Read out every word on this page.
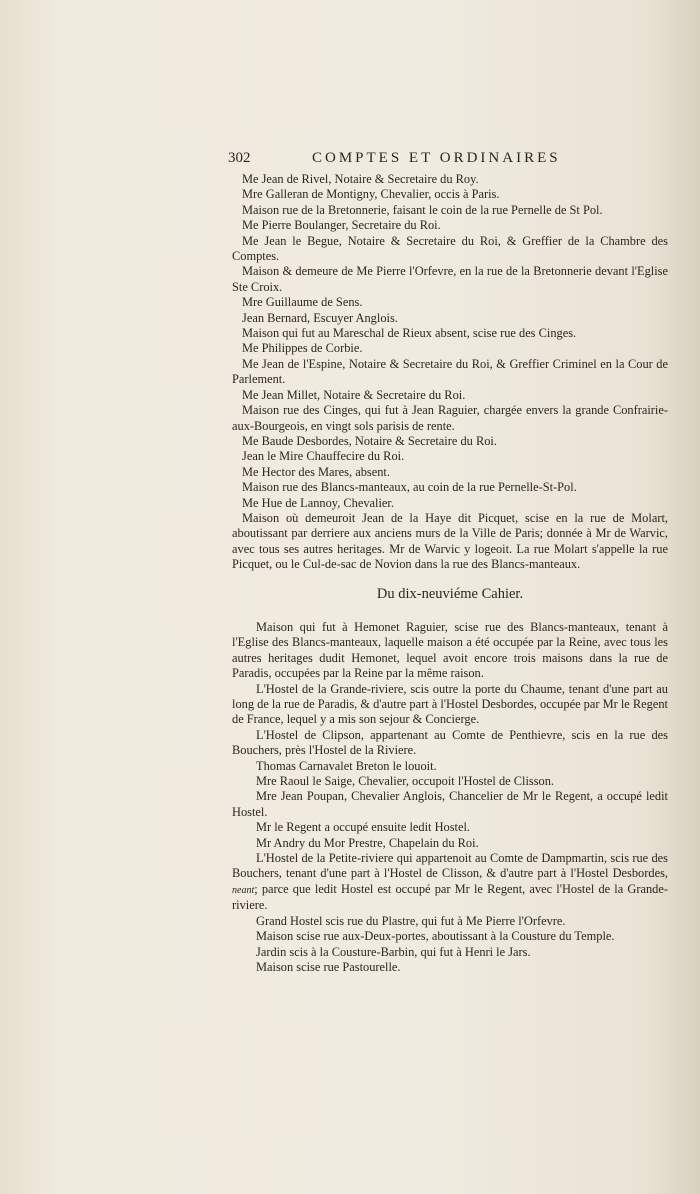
302	COMPTES ET ORDINAIRES

Me Jean de Rivel, Notaire & Secretaire du Roy.

Mre Galleran de Montigny, Chevalier, occis à Paris.

Maison rue de la Bretonnerie, faisant le coin de la rue Pernelle de St Pol.

Me Pierre Boulanger, Secretaire du Roi.

Me Jean le Begue, Notaire & Secretaire du Roi, & Greffier de la Chambre des Comptes.

Maison & demeure de Me Pierre l'Orfevre, en la rue de la Bretonnerie devant l'Eglise Ste Croix.

Mre Guillaume de Sens.

Jean Bernard, Escuyer Anglois.

Maison qui fut au Mareschal de Rieux absent, scise rue des Cinges.

Me Philippes de Corbie.

Me Jean de l'Espine, Notaire & Secretaire du Roi, & Greffier Criminel en la Cour de Parlement.

Me Jean Millet, Notaire & Secretaire du Roi.

Maison rue des Cinges, qui fut à Jean Raguier, chargée envers la grande Confrairie-aux-Bourgeois, en vingt sols parisis de rente.

Me Baude Desbordes, Notaire & Secretaire du Roi.

Jean le Mire Chauffecire du Roi.

Me Hector des Mares, absent.

Maison rue des Blancs-manteaux, au coin de la rue Pernelle-St-Pol.

Me Hue de Lannoy, Chevalier.

Maison où demeuroit Jean de la Haye dit Picquet, scise en la rue de Molart, aboutissant par derriere aux anciens murs de la Ville de Paris; donnée à Mr de Warvic, avec tous ses autres heritages. Mr de Warvic y logeoit. La rue Molart s'appelle la rue Picquet, ou le Cul-de-sac de Novion dans la rue des Blancs-manteaux.

Du dix-neuviéme Cahier.

Maison qui fut à Hemonet Raguier, scise rue des Blancs-manteaux, tenant à l'Eglise des Blancs-manteaux, laquelle maison a été occupée par la Reine, avec tous les autres heritages dudit Hemonet, lequel avoit encore trois maisons dans la rue de Paradis, occupées par la Reine par la même raison.

L'Hostel de la Grande-riviere, scis outre la porte du Chaume, tenant d'une part au long de la rue de Paradis, & d'autre part à l'Hostel Desbordes, occupée par Mr le Regent de France, lequel y a mis son sejour & Concierge.

L'Hostel de Clipson, appartenant au Comte de Penthievre, scis en la rue des Bouchers, près l'Hostel de la Riviere.

Thomas Carnavalet Breton le louoit.

Mre Raoul le Saige, Chevalier, occupoit l'Hostel de Clisson.

Mre Jean Poupan, Chevalier Anglois, Chancelier de Mr le Regent, a occupé ledit Hostel.

Mr le Regent a occupé ensuite ledit Hostel.

Mr Andry du Mor Prestre, Chapelain du Roi.

L'Hostel de la Petite-riviere qui appartenoit au Comte de Dampmartin, scis rue des Bouchers, tenant d'une part à l'Hostel de Clisson, & d'autre part à l'Hostel Desbordes, neant; parce que ledit Hostel est occupé par Mr le Regent, avec l'Hostel de la Grande-riviere.

Grand Hostel scis rue du Plastre, qui fut à Me Pierre l'Orfevre.

Maison scise rue aux-Deux-portes, aboutissant à la Cousture du Temple.

Jardin scis à la Cousture-Barbin, qui fut à Henri le Jars.

Maison scise rue Pastourelle.
